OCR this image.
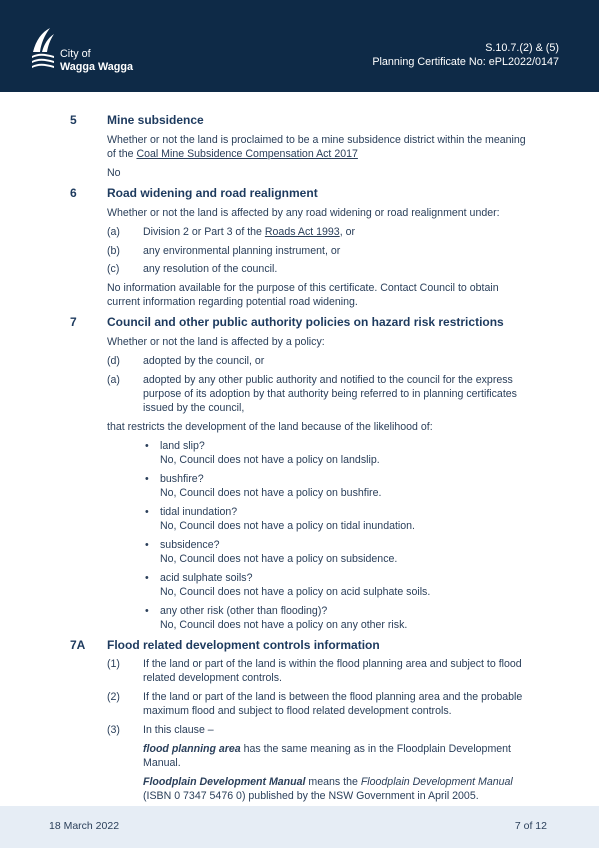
City of
Wagga Wagga
S.10.7.(2) & (5)
Planning Certificate No: ePL2022/0147
5	Mine subsidence

Whether or not the land is proclaimed to be a mine subsidence district within the meaning of the Coal Mine Subsidence Compensation Act 2017

No

6	Road widening and road realignment

Whether or not the land is affected by any road widening or road realignment under:

(a) Division 2 or Part 3 of the Roads Act 1993, or
(b) any environmental planning instrument, or
(c) any resolution of the council.

No information available for the purpose of this certificate. Contact Council to obtain current information regarding potential road widening.

7	Council and other public authority policies on hazard risk restrictions

Whether or not the land is affected by a policy:

(d) adopted by the council, or
(a) adopted by any other public authority and notified to the council for the express purpose of its adoption by that authority being referred to in planning certificates issued by the council,

that restricts the development of the land because of the likelihood of:

• land slip?
No, Council does not have a policy on landslip.
• bushfire?
No, Council does not have a policy on bushfire.
• tidal inundation?
No, Council does not have a policy on tidal inundation.
• subsidence?
No, Council does not have a policy on subsidence.
• acid sulphate soils?
No, Council does not have a policy on acid sulphate soils.
• any other risk (other than flooding)?
No, Council does not have a policy on any other risk.
7A Flood related development controls information
(1) If the land or part of the land is within the flood planning area and subject to flood related development controls.
(2) If the land or part of the land is between the flood planning area and the probable maximum flood and subject to flood related development controls.
(3) In this clause –
flood planning area has the same meaning as in the Floodplain Development Manual.
Floodplain Development Manual means the Floodplain Development Manual (ISBN 0 7347 5476 0) published by the NSW Government in April 2005.
18 March 2022	7 of 12
